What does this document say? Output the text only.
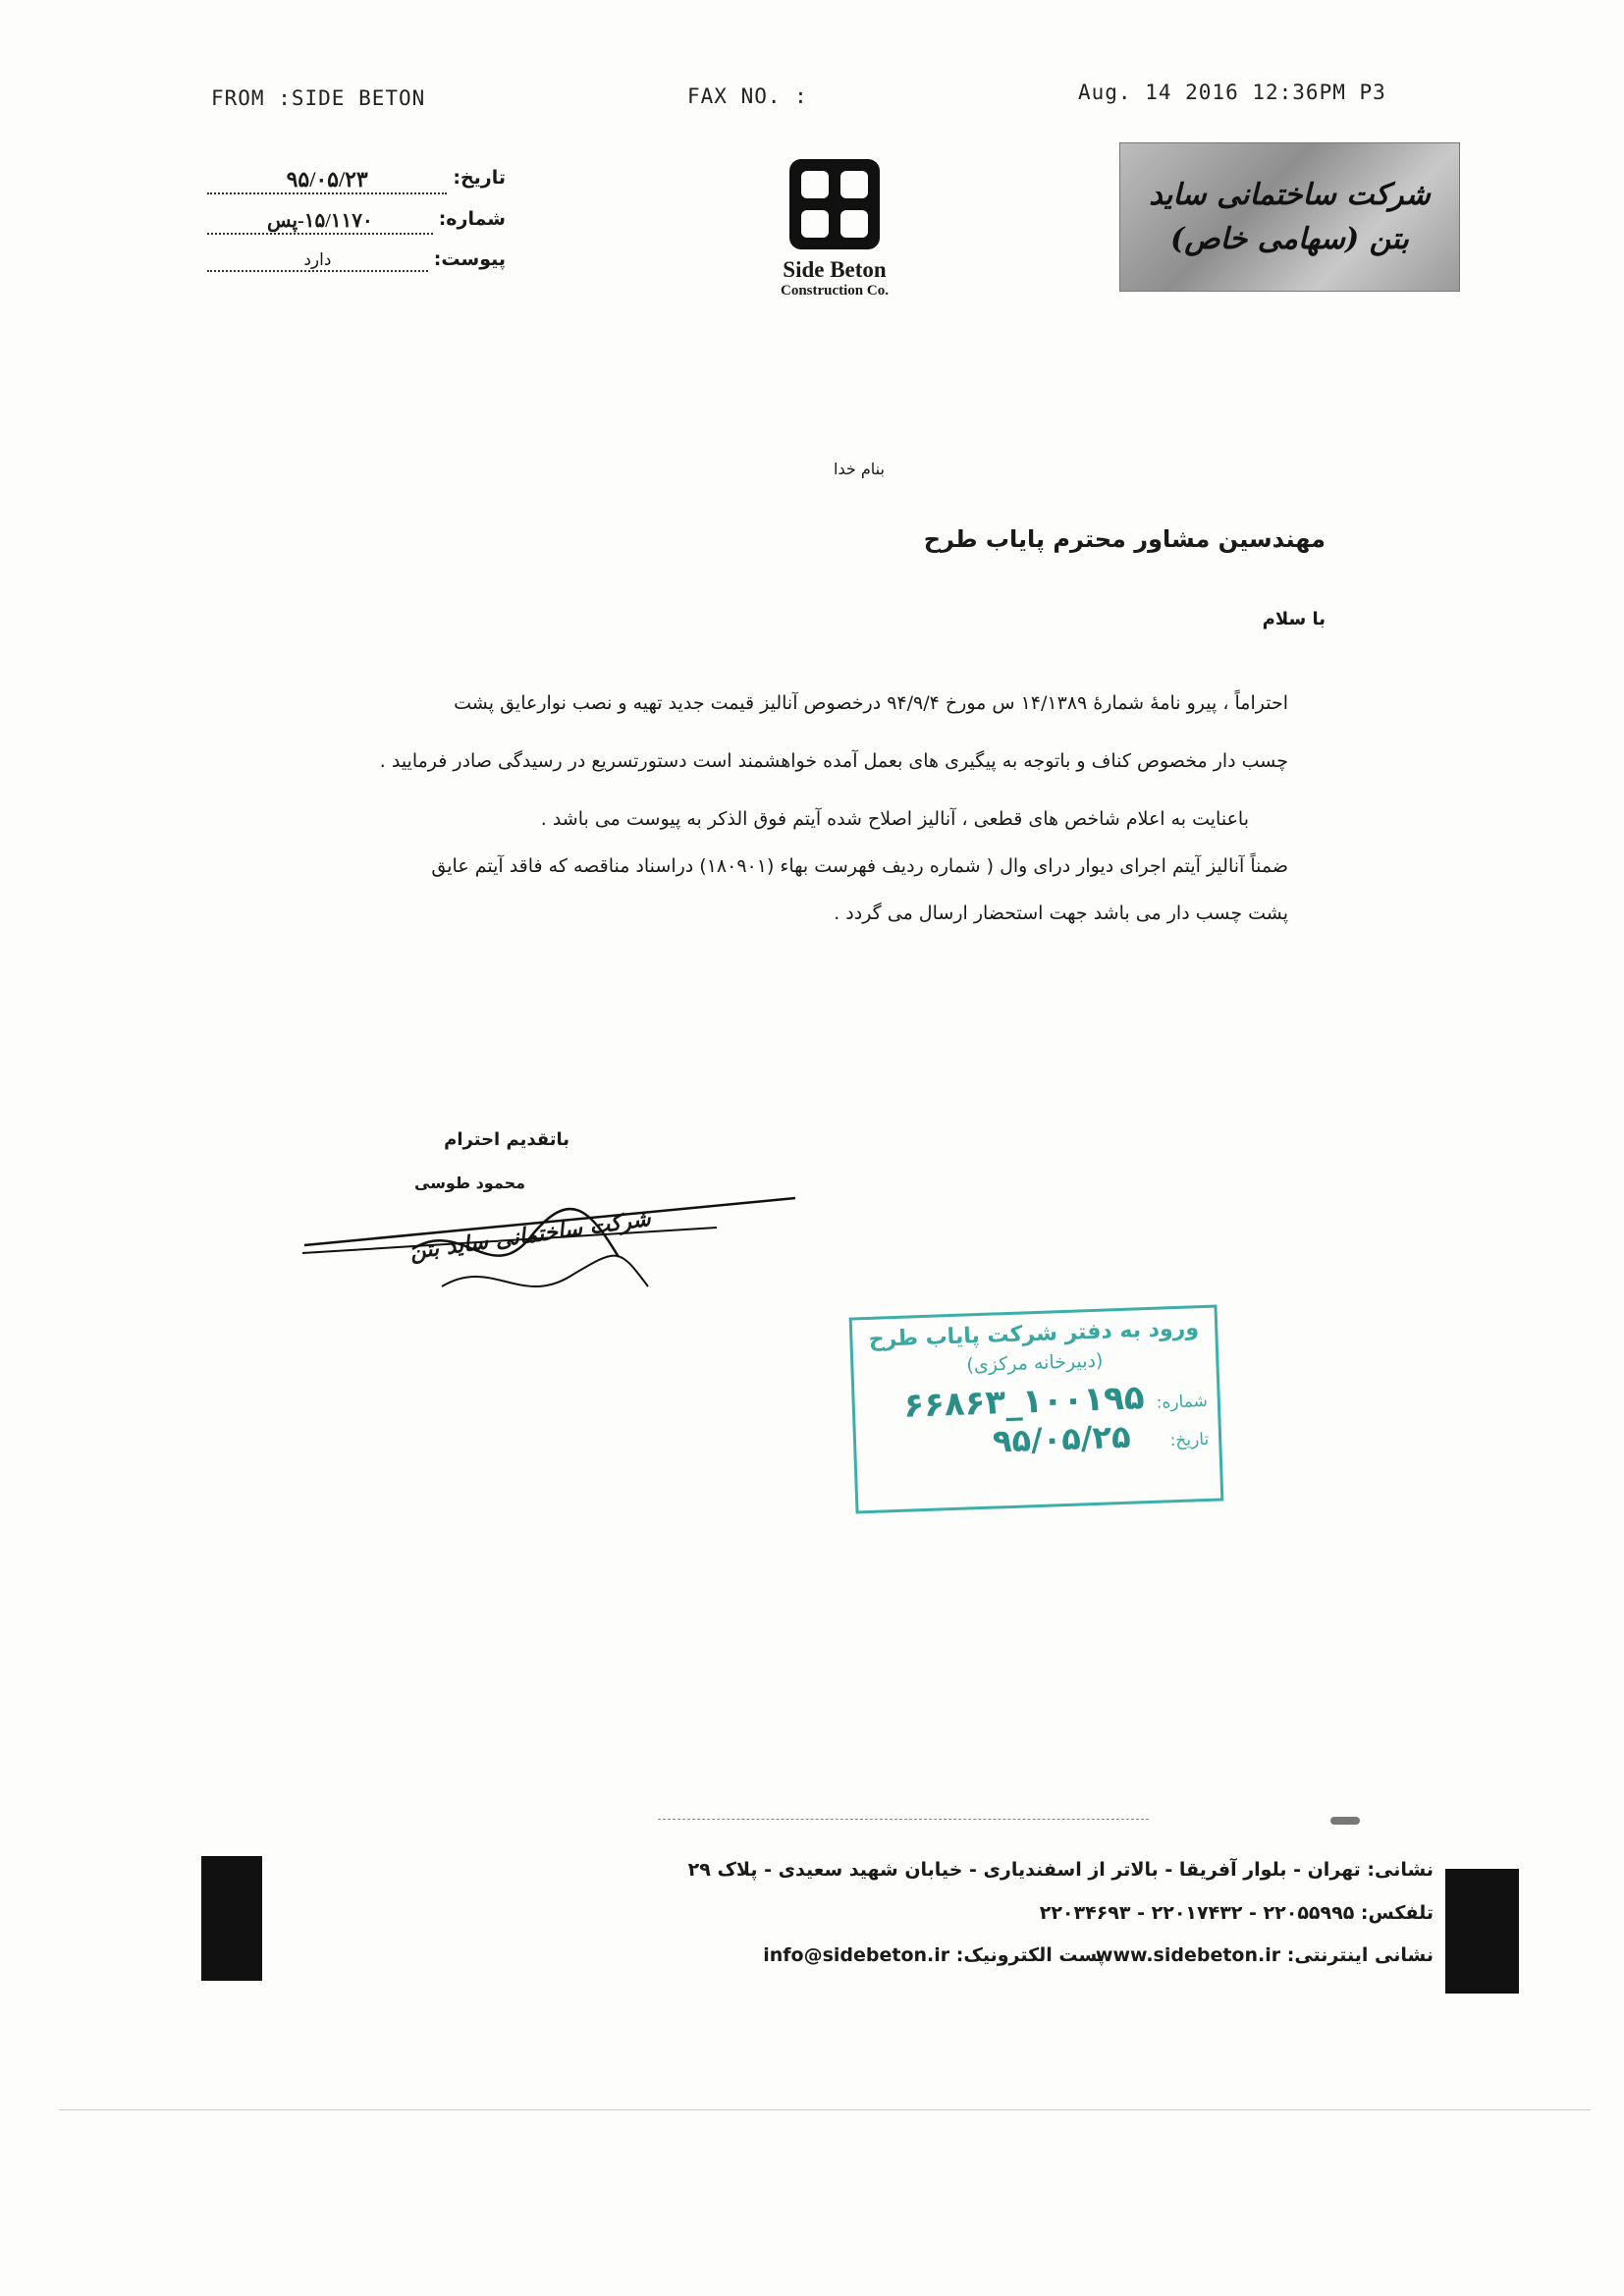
FROM :SIDE BETON	FAX NO. :	Aug. 14 2016 12:36PM P3
تاریخ:
۹۵/۰۵/۲۳
شماره:
۱۵/۱۱۷۰-پس
پیوست:
دارد	Side Beton
Construction Co.
شرکت ساختمانی ساید بتن (سهامی خاص)
بنام خدا
مهندسین مشاور محترم پایاب طرح
با سلام
احتراماً ، پیرو نامهٔ شمارهٔ ۱۴/۱۳۸۹ س مورخ ۹۴/۹/۴ درخصوص آنالیز قیمت جدید تهیه و نصب نوارعایق پشت
چسب دار مخصوص کناف و باتوجه به پیگیری های بعمل آمده خواهشمند است دستورتسریع در رسیدگی صادر فرمایید .
باعنایت به اعلام شاخص های قطعی ، آنالیز اصلاح شده آیتم فوق الذکر به پیوست می باشد .
ضمناً آنالیز آیتم اجرای دیوار درای وال ( شماره ردیف فهرست بهاء (۱۸۰۹۰۱) دراسناد مناقصه که فاقد آیتم عایق
پشت چسب دار می باشد جهت استحضار ارسال می گردد .
باتقدیم احترام
محمود طوسی
شرکت ساختمانی ساید بتن
ورود به دفتر شرکت پایاب طرح
(دبیرخانه مرکزی)
شماره:
۱۰۰۱۹۵_۶۶۸۶۳
تاریخ:
۹۵/۰۵/۲۵
نشانی: تهران - بلوار آفریقا - بالاتر از اسفندیاری - خیابان شهید سعیدی - پلاک ۲۹
تلفکس: ۲۲۰۵۵۹۹۵ - ۲۲۰۱۷۴۳۲ - ۲۲۰۳۴۶۹۳
نشانی اینترنتی: www.sidebeton.ir
پست الکترونیک: info@sidebeton.ir
